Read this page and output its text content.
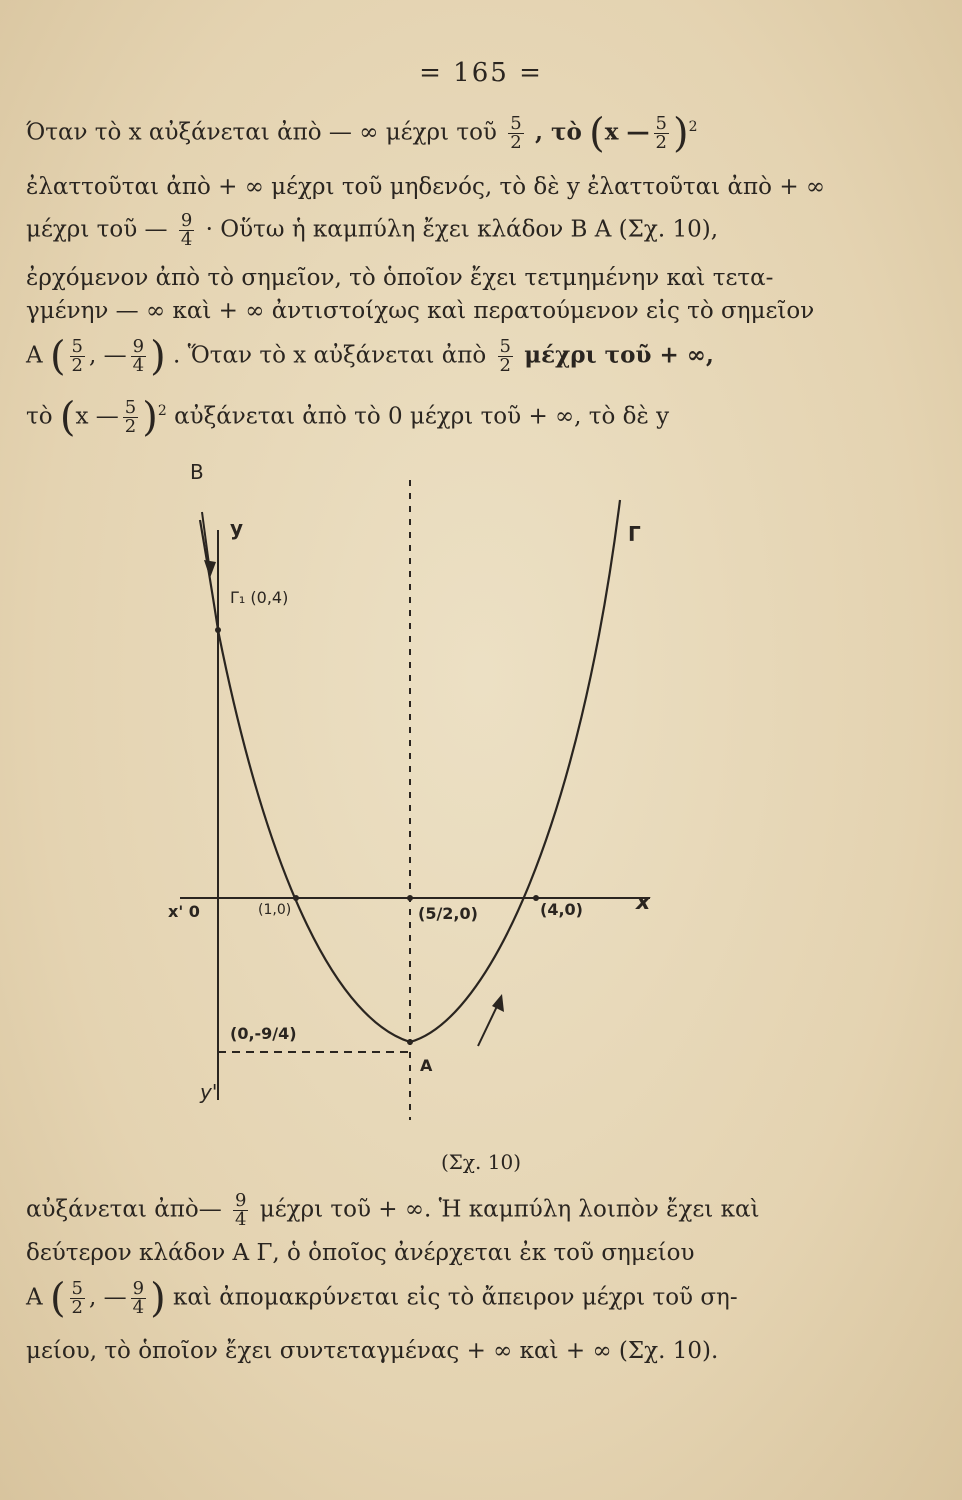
= 165 =
Όταν τὸ x αὐξάνεται ἀπὸ — ∞ μέχρι τοῦ $\frac{5}{2}$ , τὸ (x — $\frac{5}{2} )^2$
ἐλαττοῦται ἀπὸ + ∞ μέχρι τοῦ μηδενός, τὸ δὲ y ἐλαττοῦται ἀπὸ + ∞
μέχρι τοῦ — $\frac{9}{4}$ · Οὕτω ἡ καμπύλη ἔχει κλάδον Β Α (Σχ. 10),
ἐρχόμενον ἀπὸ τὸ σημεῖον, τὸ ὁποῖον ἔχει τετμημένην καὶ τετα-
γμένην — ∞ καὶ + ∞ ἀντιστοίχως καὶ περατούμενον εἰς τὸ σημεῖον
Α ( $\frac{5}{2}$ , — $\frac{9}{4}$ ) . Ὅταν τὸ x αὐξάνεται ἀπὸ $\frac{5}{2}$ μέχρι τοῦ + ∞,
τὸ (x — $\frac{5}{2} )^2$ αὐξάνεται ἀπὸ τὸ 0 μέχρι τοῦ + ∞, τὸ δὲ y
B
y	Γ
Γ₁ (0,4)
x' 0	(1,0)	(5/2,0)	(4,0) x
(0,-9/4)
A
y'
(Σχ. 10)
αὐξάνεται ἀπὸ— $\frac{9}{4}$ μέχρι τοῦ + ∞. Ἡ καμπύλη λοιπὸν ἔχει καὶ
δεύτερον κλάδον Α Γ, ὁ ὁποῖος ἀνέρχεται ἐκ τοῦ σημείου
Α ( $\frac{5}{2}$ , — $\frac{9}{4}$ ) καὶ ἀπομακρύνεται εἰς τὸ ἄπειρον μέχρι τοῦ ση-
μείου, τὸ ὁποῖον ἔχει συντεταγμένας + ∞ καὶ + ∞ (Σχ. 10).
